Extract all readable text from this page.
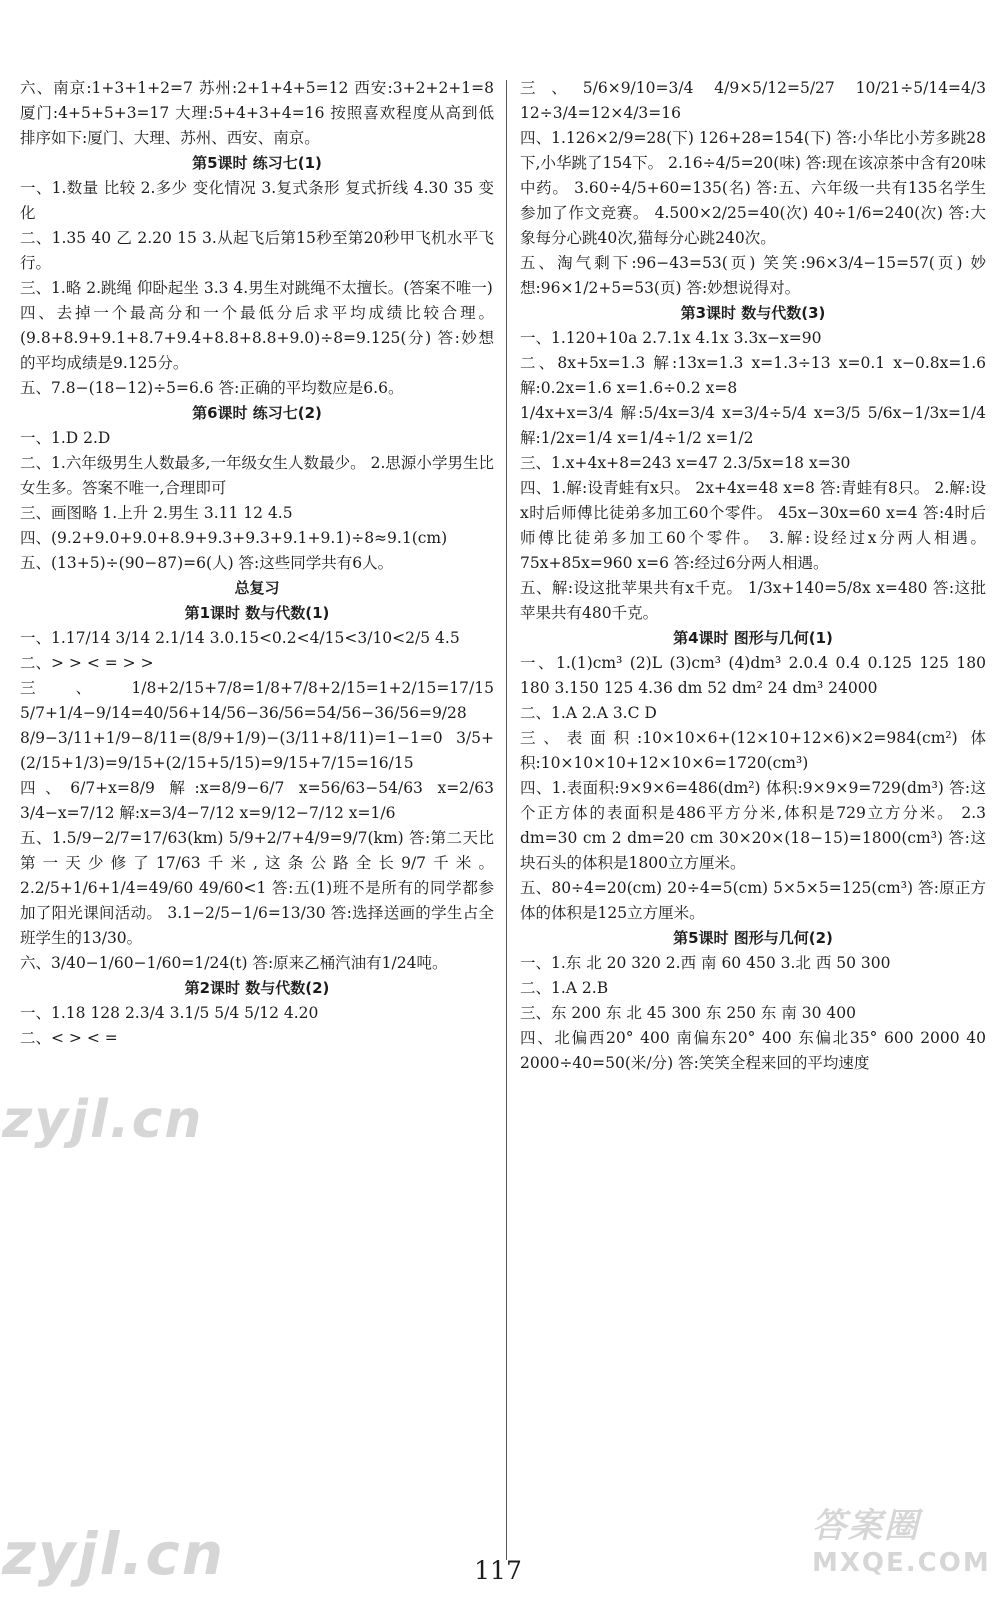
六、南京:1+3+1+2=7 苏州:2+1+4+5=12 西安:3+2+2+1=8 厦门:4+5+5+3=17 大理:5+4+3+4=16 按照喜欢程度从高到低排序如下:厦门、大理、苏州、西安、南京。
第5课时 练习七(1)
一、1.数量 比较 2.多少 变化情况 3.复式条形 复式折线 4.30 35 变化
二、1.35 40 乙 2.20 15 3.从起飞后第15秒至第20秒甲飞机水平飞行。
三、1.略 2.跳绳 仰卧起坐 3.3 4.男生对跳绳不太擅长。(答案不唯一)
四、去掉一个最高分和一个最低分后求平均成绩比较合理。(9.8+8.9+9.1+8.7+9.4+8.8+8.8+9.0)÷8=9.125(分) 答:妙想的平均成绩是9.125分。
五、7.8−(18−12)÷5=6.6 答:正确的平均数应是6.6。
第6课时 练习七(2)
一、1.D 2.D
二、1.六年级男生人数最多,一年级女生人数最少。 2.思源小学男生比女生多。答案不唯一,合理即可
三、画图略 1.上升 2.男生 3.11 12 4.5
四、(9.2+9.0+9.0+8.9+9.3+9.3+9.1+9.1)÷8≈9.1(cm)
五、(13+5)÷(90−87)=6(人) 答:这些同学共有6人。
总复习
第1课时 数与代数(1)
一、1.17/14 3/14 2.1/14 3.0.15<0.2<4/15<3/10<2/5 4.5
二、> > < = > >
三、1/8+2/15+7/8=1/8+7/8+2/15=1+2/15=17/15 5/7+1/4−9/14=40/56+14/56−36/56=54/56−36/56=9/28
8/9−3/11+1/9−8/11=(8/9+1/9)−(3/11+8/11)=1−1=0 3/5+(2/15+1/3)=9/15+(2/15+5/15)=9/15+7/15=16/15
四、6/7+x=8/9 解:x=8/9−6/7 x=56/63−54/63 x=2/63 3/4−x=7/12 解:x=3/4−7/12 x=9/12−7/12 x=1/6
五、1.5/9−2/7=17/63(km) 5/9+2/7+4/9=9/7(km) 答:第二天比第一天少修了17/63千米,这条公路全长9/7千米。 2.2/5+1/6+1/4=49/60 49/60<1 答:五(1)班不是所有的同学都参加了阳光课间活动。 3.1−2/5−1/6=13/30 答:选择送画的学生占全班学生的13/30。
六、3/40−1/60−1/60=1/24(t) 答:原来乙桶汽油有1/24吨。
第2课时 数与代数(2)
一、1.18 128 2.3/4 3.1/5 5/4 5/12 4.20
二、< > < =
三、5/6×9/10=3/4 4/9×5/12=5/27 10/21÷5/14=4/3 12÷3/4=12×4/3=16
四、1.126×2/9=28(下) 126+28=154(下) 答:小华比小芳多跳28下,小华跳了154下。 2.16÷4/5=20(味) 答:现在该凉茶中含有20味中药。 3.60÷4/5+60=135(名) 答:五、六年级一共有135名学生参加了作文竞赛。 4.500×2/25=40(次) 40÷1/6=240(次) 答:大象每分心跳40次,猫每分心跳240次。
五、淘气剩下:96−43=53(页) 笑笑:96×3/4−15=57(页) 妙想:96×1/2+5=53(页) 答:妙想说得对。
第3课时 数与代数(3)
一、1.120+10a 2.7.1x 4.1x 3.3x−x=90
二、8x+5x=1.3 解:13x=1.3 x=1.3÷13 x=0.1 x−0.8x=1.6 解:0.2x=1.6 x=1.6÷0.2 x=8
1/4x+x=3/4 解:5/4x=3/4 x=3/4÷5/4 x=3/5 5/6x−1/3x=1/4 解:1/2x=1/4 x=1/4÷1/2 x=1/2
三、1.x+4x+8=243 x=47 2.3/5x=18 x=30
四、1.解:设青蛙有x只。 2x+4x=48 x=8 答:青蛙有8只。 2.解:设x时后师傅比徒弟多加工60个零件。 45x−30x=60 x=4 答:4时后师傅比徒弟多加工60个零件。 3.解:设经过x分两人相遇。 75x+85x=960 x=6 答:经过6分两人相遇。
五、解:设这批苹果共有x千克。 1/3x+140=5/8x x=480 答:这批苹果共有480千克。
第4课时 图形与几何(1)
一、1.(1)cm³ (2)L (3)cm³ (4)dm³ 2.0.4 0.4 0.125 125 180 180 3.150 125 4.36 dm 52 dm² 24 dm³ 24000
二、1.A 2.A 3.C D
三、表面积:10×10×6+(12×10+12×6)×2=984(cm²) 体积:10×10×10+12×10×6=1720(cm³)
四、1.表面积:9×9×6=486(dm²) 体积:9×9×9=729(dm³) 答:这个正方体的表面积是486平方分米,体积是729立方分米。 2.3 dm=30 cm 2 dm=20 cm 30×20×(18−15)=1800(cm³) 答:这块石头的体积是1800立方厘米。
五、80÷4=20(cm) 20÷4=5(cm) 5×5×5=125(cm³) 答:原正方体的体积是125立方厘米。
第5课时 图形与几何(2)
一、1.东 北 20 320 2.西 南 60 450 3.北 西 50 300
二、1.A 2.B
三、东 200 东 北 45 300 东 250 东 南 30 400
四、北偏西20° 400 南偏东20° 400 东偏北35° 600 2000 40 2000÷40=50(米/分) 答:笑笑全程来回的平均速度
117
zyjl.cn
zyjl.cn	答案圈
MXQE.COM
